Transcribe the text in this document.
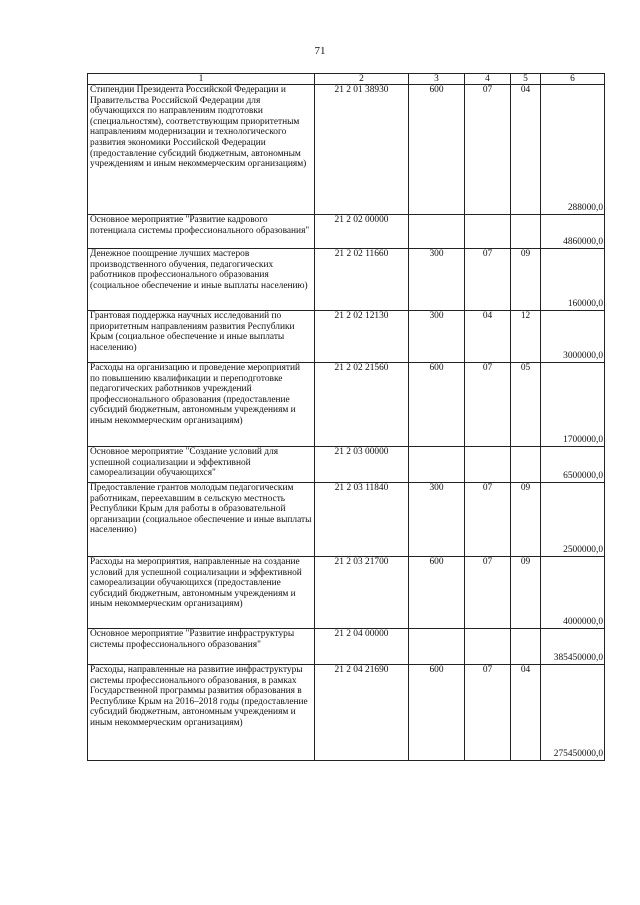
71
1	2	3	4	5	6
Стипендии Президента Российской Федерации и Правительства Российской Федерации для обучающихся по направлениям подготовки (специальностям), соответствующим приоритетным направлениям модернизации и технологического развития экономики Российской Федерации (предоставление субсидий бюджетным, автономным учреждениям и иным некоммерческим организациям)	21 2 01 38930	600	07	04	288000,0
Основное мероприятие "Развитие кадрового потенциала системы профессионального образования"	21 2 02 00000				4860000,0
Денежное поощрение лучших мастеров производственного обучения, педагогических работников профессионального образования (социальное обеспечение и иные выплаты населению)	21 2 02 11660	300	07	09	160000,0
Грантовая поддержка научных исследований по приоритетным направлениям развития Республики Крым (социальное обеспечение и иные выплаты населению)	21 2 02 12130	300	04	12	3000000,0
Расходы на организацию и проведение мероприятий по повышению квалификации и переподготовке педагогических работников учреждений профессионального образования (предоставление субсидий бюджетным, автономным учреждениям и иным некоммерческим организациям)	21 2 02 21560	600	07	05	1700000,0
Основное мероприятие "Создание условий для успешной социализации и эффективной самореализации обучающихся"	21 2 03 00000				6500000,0
Предоставление грантов молодым педагогическим работникам, переехавшим в сельскую местность Республики Крым для работы в образовательной организации (социальное обеспечение и иные выплаты населению)	21 2 03 11840	300	07	09	2500000,0
Расходы на мероприятия, направленные на создание условий для успешной социализации и эффективной самореализации обучающихся (предоставление субсидий бюджетным, автономным учреждениям и иным некоммерческим организациям)	21 2 03 21700	600	07	09	4000000,0
Основное мероприятие "Развитие инфраструктуры системы профессионального образования"	21 2 04 00000				385450000,0
Расходы, направленные на развитие инфраструктуры системы профессионального образования, в рамках Государственной программы развития образования в Республике Крым на 2016–2018 годы (предоставление субсидий бюджетным, автономным учреждениям и иным некоммерческим организациям)	21 2 04 21690	600	07	04	275450000,0
